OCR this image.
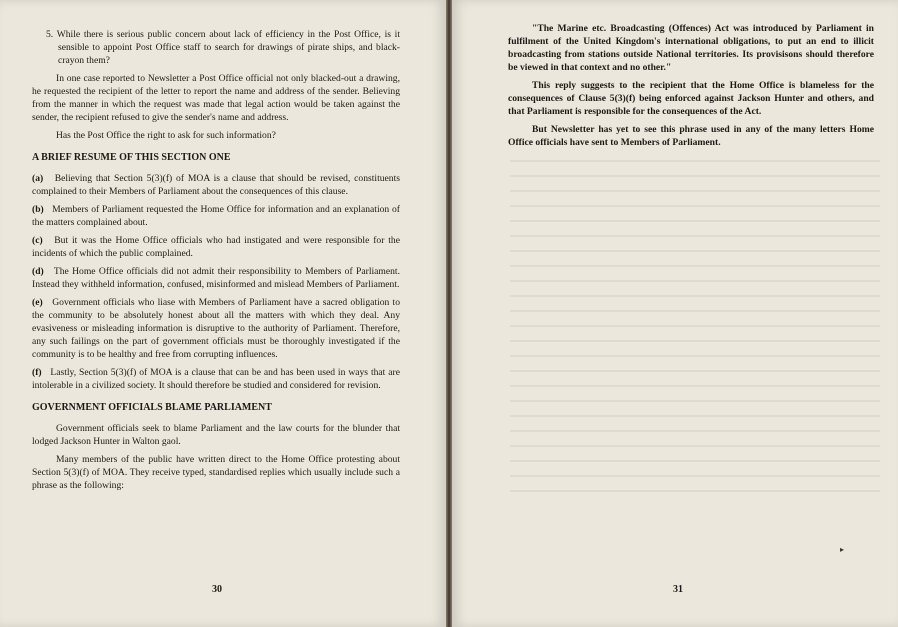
5. While there is serious public concern about lack of efficiency in the Post Office, is it sensible to appoint Post Office staff to search for drawings of pirate ships, and black-crayon them?

In one case reported to Newsletter a Post Office official not only blacked-out a drawing, he requested the recipient of the letter to report the name and address of the sender. Believing from the manner in which the request was made that legal action would be taken against the sender, the recipient refused to give the sender's name and address.

Has the Post Office the right to ask for such information?

A BRIEF RESUME OF THIS SECTION ONE

(a) Believing that Section 5(3)(f) of MOA is a clause that should be revised, constituents complained to their Members of Parliament about the consequences of this clause.

(b) Members of Parliament requested the Home Office for information and an explanation of the matters complained about.

(c) But it was the Home Office officials who had instigated and were responsible for the incidents of which the public complained.

(d) The Home Office officials did not admit their responsibility to Members of Parliament. Instead they withheld information, confused, misinformed and mislead Members of Parliament.

(e) Government officials who liase with Members of Parliament have a sacred obligation to the community to be absolutely honest about all the matters with which they deal. Any evasiveness or misleading information is disruptive to the authority of Parliament. Therefore, any such failings on the part of government officials must be thoroughly investigated if the community is to be healthy and free from corrupting influences.

(f) Lastly, Section 5(3)(f) of MOA is a clause that can be and has been used in ways that are intolerable in a civilized society. It should therefore be studied and considered for revision.

GOVERNMENT OFFICIALS BLAME PARLIAMENT

Government officials seek to blame Parliament and the law courts for the blunder that lodged Jackson Hunter in Walton gaol.

Many members of the public have written direct to the Home Office protesting about Section 5(3)(f) of MOA. They receive typed, standardised replies which usually include such a phrase as the following:

30

"The Marine etc. Broadcasting (Offences) Act was introduced by Parliament in fulfilment of the United Kingdom's international obligations, to put an end to illicit broadcasting from stations outside National territories. Its provisisons should therefore be viewed in that context and no other."

This reply suggests to the recipient that the Home Office is blameless for the consequences of Clause 5(3)(f) being enforced against Jackson Hunter and others, and that Parliament is responsible for the consequences of the Act.

But Newsletter has yet to see this phrase used in any of the many letters Home Office officials have sent to Members of Parliament.

31
▸
